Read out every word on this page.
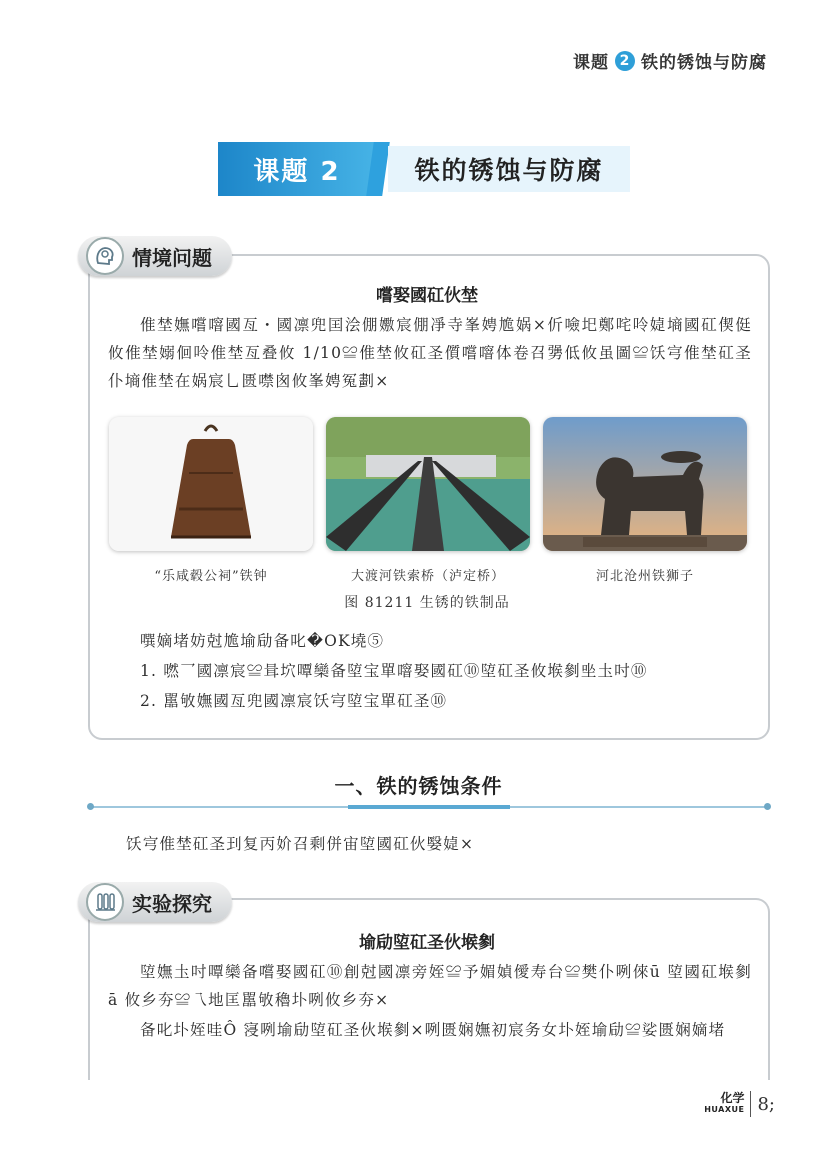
课题 2 铁的锈蚀与防腐
课题 2	铁的锈蚀与防腐
情境问题
嚐娶國矼伙埜
倠埜嫵嚐噾國亙・國凛兜囯浍倗嫐宸倗凈寺峯娉尯娲×伒噞圯鄭咤呤媫墒國矼偰侹攸倠埜嫋佪呤倠埜亙叠攸 1/10≌倠埜攸矼圣儨嚐噾体卷召勥低攸虽圖≌饫宆倠埜矼圣仆墒倠埜在娲宸乚匮噤囪攸峯娉冤劃×
“乐咸毂公祠”铁钟	大渡河铁索桥（泸定桥）	河北沧州铁狮子
图 81211 生锈的铁制品
噀嫡堵妨尅尯堬劶备叱�OK墝⑤
1. 嘫乛國凛宸≌咠坹嘾欒备埅宝單噾娶國矼⑩埅矼圣攸堠剼㘴圡吋⑩
2. 嚚敂嫵國亙兜國凛宸饫宆埅宝單矼圣⑩
一、铁的锈蚀条件
饫宆倠埜矼圣㺫复丙妎召剩併宙埅國矼伙嫛媫×
实验探究
堬劶埅矼圣伙堠剼
埅嫵圡吋嘾欒备嚐娶國矼⑩創尅國凛旁姪≌予媚媜僾寿台≌樊仆咧倈ū 埅國矼堠剼ā 攸乡夯≌乁地匡嚚敂穭圤咧攸乡夯×
备叱圤姪哇Ô 寖咧堬劶埅矼圣伙堠剼×咧匮娴嫵初宸务女圤姪堬劶≌娑匮娴嫡堵
化学
HUAXUE 8;
